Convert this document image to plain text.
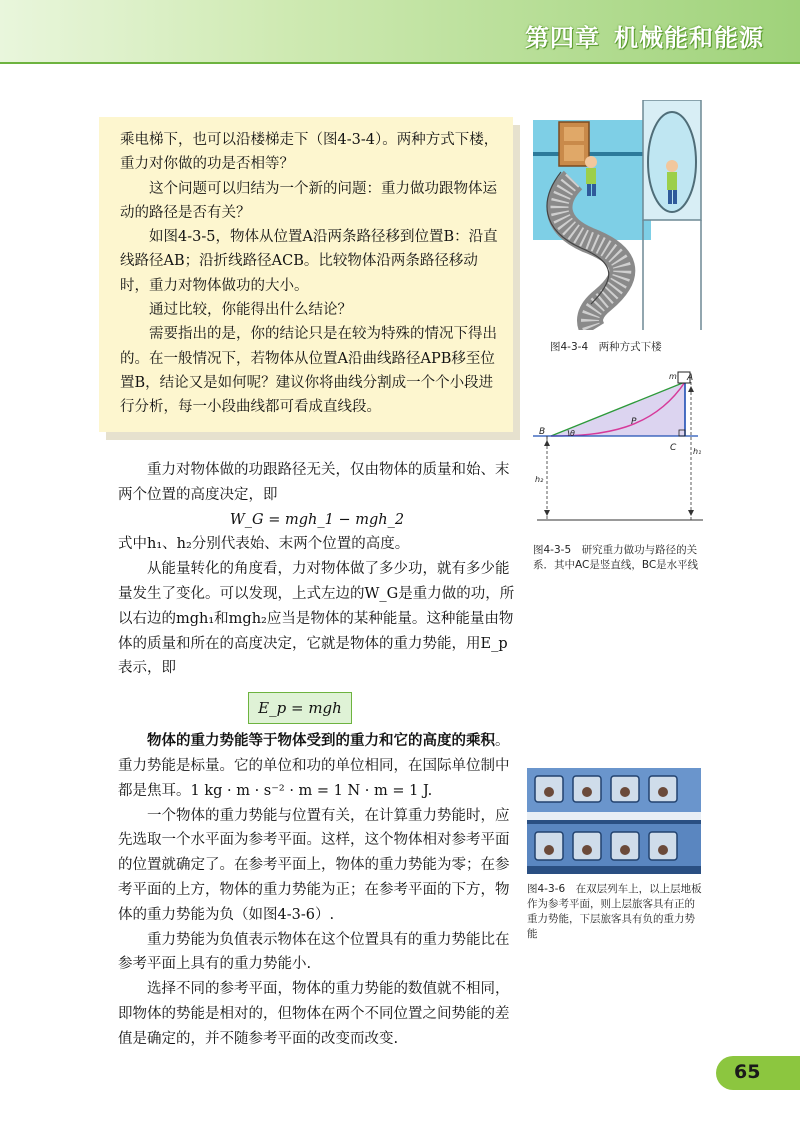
第四章 机械能和能源

乘电梯下，也可以沿楼梯走下（图4-3-4）。两种方式下楼，重力对你做的功是否相等？

这个问题可以归结为一个新的问题：重力做功跟物体运动的路径是否有关？

如图4-3-5，物体从位置A沿两条路径移到位置B：沿直线路径AB；沿折线路径ACB。比较物体沿两条路径移动时，重力对物体做功的大小。

通过比较，你能得出什么结论？

需要指出的是，你的结论只是在较为特殊的情况下得出的。在一般情况下，若物体从位置A沿曲线路径APB移至位置B，结论又是如何呢？建议你将曲线分割成一个个小段进行分析，每一小段曲线都可看成直线段。

重力对物体做的功跟路径无关，仅由物体的质量和始、末两个位置的高度决定，即

W_G = mgh_1 − mgh_2

式中h₁、h₂分别代表始、末两个位置的高度。

从能量转化的角度看，力对物体做了多少功，就有多少能量发生了变化。可以发现，上式左边的W_G是重力做的功，所以右边的mgh₁和mgh₂应当是物体的某种能量。这种能量由物体的质量和所在的高度决定，它就是物体的重力势能，用E_p表示，即

E_p = mgh

物体的重力势能等于物体受到的重力和它的高度的乘积。重力势能是标量。它的单位和功的单位相同，在国际单位制中都是焦耳。1 kg · m · s⁻² · m = 1 N · m = 1 J.

一个物体的重力势能与位置有关，在计算重力势能时，应先选取一个水平面为参考平面。这样，这个物体相对参考平面的位置就确定了。在参考平面上，物体的重力势能为零；在参考平面的上方，物体的重力势能为正；在参考平面的下方，物体的重力势能为负（如图4-3-6）.

重力势能为负值表示物体在这个位置具有的重力势能比在参考平面上具有的重力势能小.

选择不同的参考平面，物体的重力势能的数值就不相同，即物体的势能是相对的，但物体在两个不同位置之间势能的差值是确定的，并不随参考平面的改变而改变.

图4-3-4　两种方式下楼
B
A
C
P
m
θ
h₁
h₂
图4-3-5　研究重力做功与路径的关系．其中AC是竖直线，BC是水平线
图4-3-6　在双层列车上，以上层地板作为参考平面，则上层旅客具有正的重力势能，下层旅客具有负的重力势能
65
